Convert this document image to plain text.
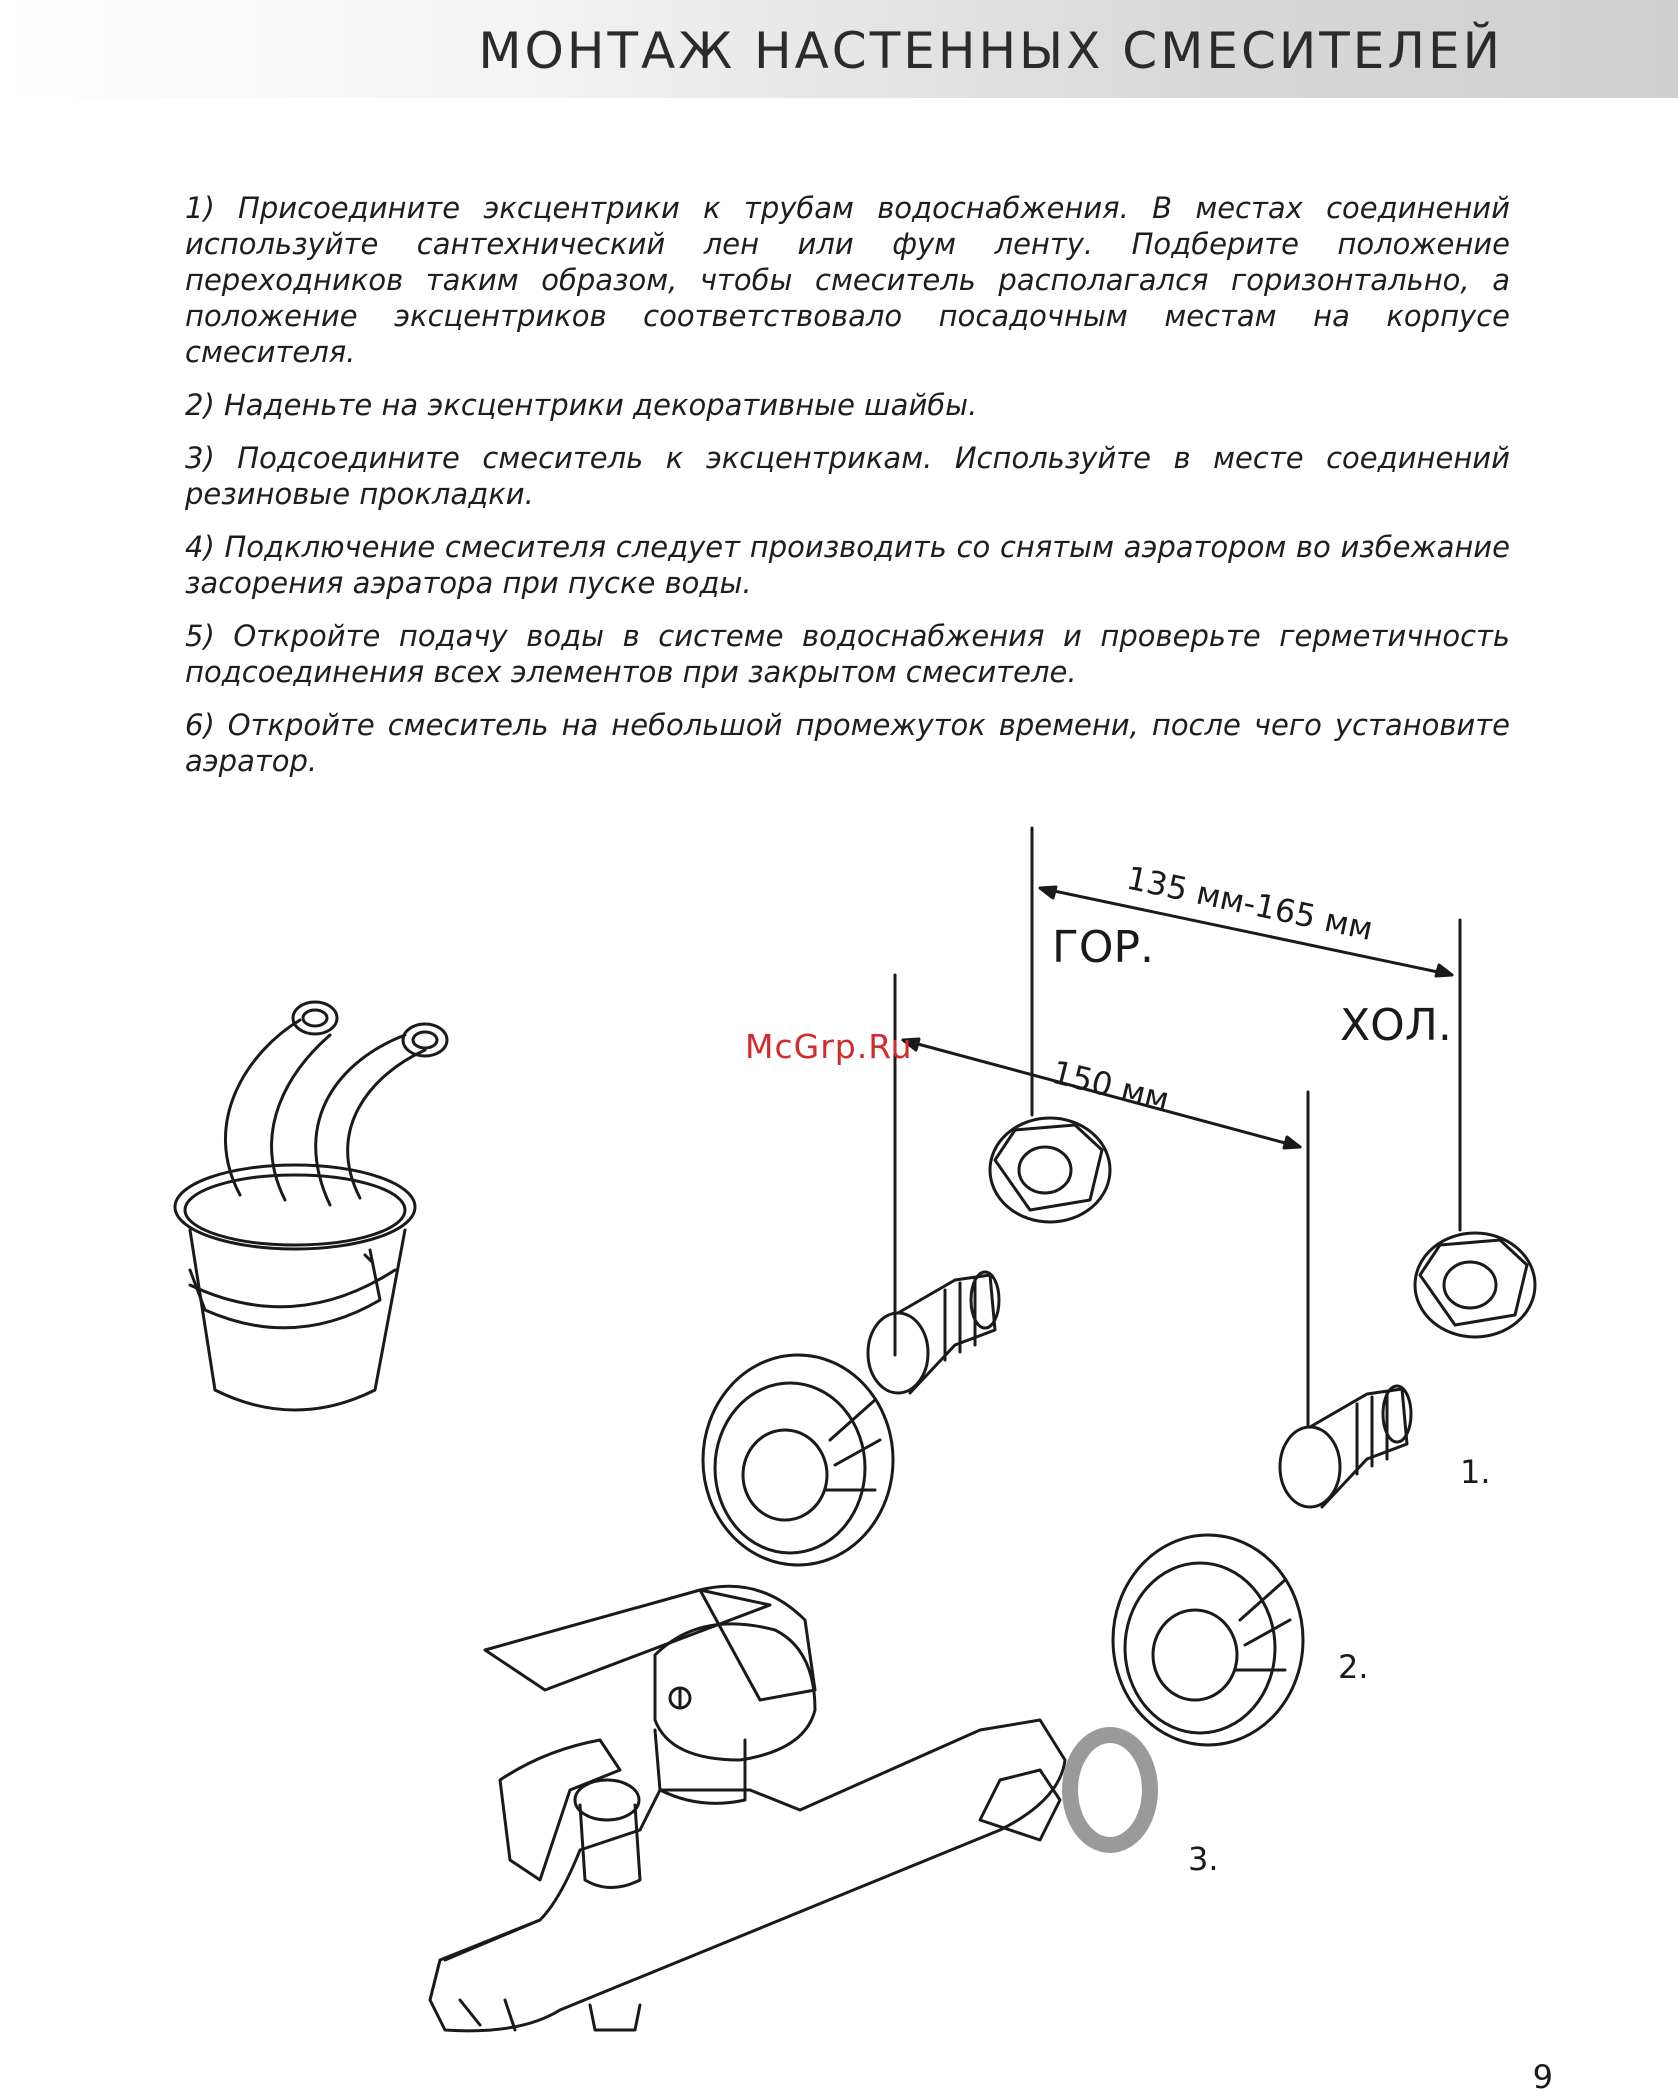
МОНТАЖ НАСТЕННЫХ СМЕСИТЕЛЕЙ

1) Присоедините эксцентрики к трубам водоснабжения. В местах соединений используйте сантехнический лен или фум ленту. Подберите положение переходников таким образом, чтобы смеситель располагался горизонтально, а положение эксцентриков соответствовало посадочным местам на корпусе смесителя.

2) Наденьте на эксцентрики декоративные шайбы.

3) Подсоедините смеситель к эксцентрикам. Используйте в месте соединений резиновые прокладки.

4) Подключение смесителя следует производить со снятым аэратором во избежание засорения аэратора при пуске воды.

5) Откройте подачу воды в системе водоснабжения и проверьте герметичность подсоединения всех элементов при закрытом смесителе.

6) Откройте смеситель на небольшой промежуток времени, после чего установите аэратор.

135 мм-165 мм
150 мм
ГОР.
ХОЛ.
1.
2.
3.
McGrp.Ru
9
